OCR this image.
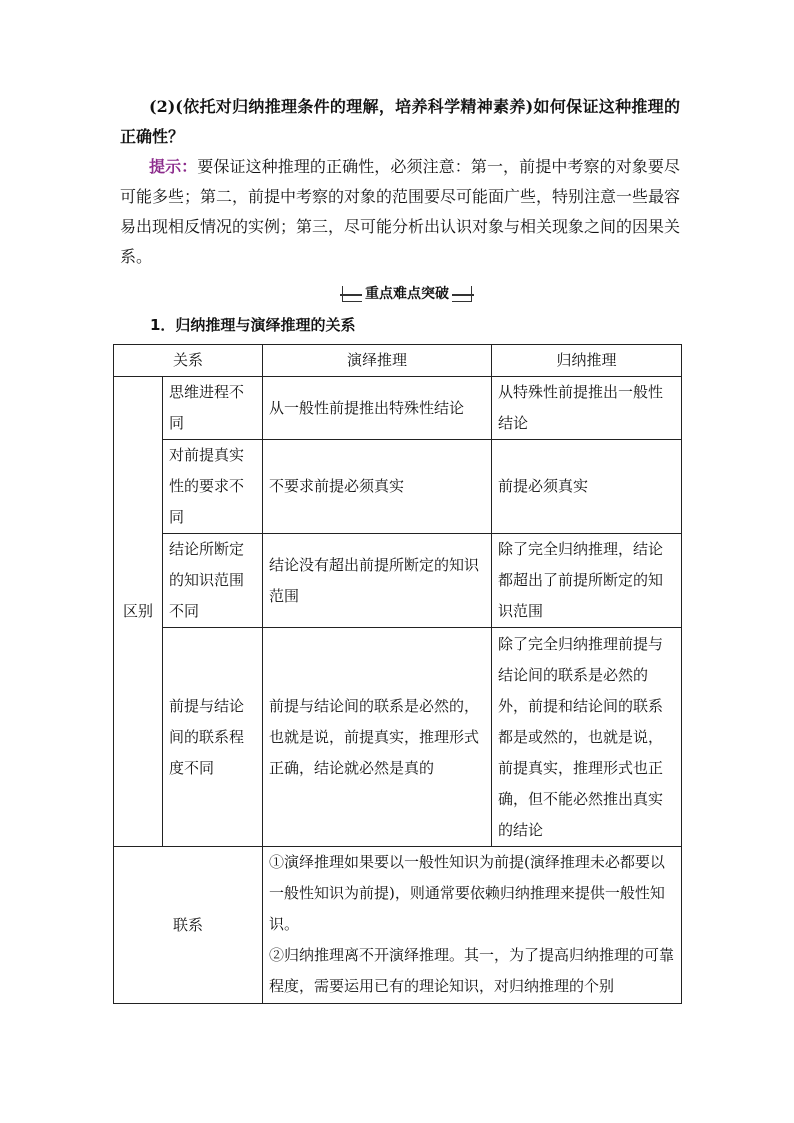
(2)(依托对归纳推理条件的理解，培养科学精神素养)如何保证这种推理的正确性？
提示：要保证这种推理的正确性，必须注意：第一，前提中考察的对象要尽可能多些；第二，前提中考察的对象的范围要尽可能面广些，特别注意一些最容易出现相反情况的实例；第三，尽可能分析出认识对象与相关现象之间的因果关系。
重点难点突破
1．归纳推理与演绎推理的关系
关系		演绎推理	归纳推理
区别	思维进程不同	从一般性前提推出特殊性结论	从特殊性前提推出一般性结论
	对前提真实性的要求不同	不要求前提必须真实	前提必须真实
	结论所断定的知识范围不同	结论没有超出前提所断定的知识范围	除了完全归纳推理，结论都超出了前提所断定的知识范围
	前提与结论间的联系程度不同	前提与结论间的联系是必然的，也就是说，前提真实，推理形式正确，结论就必然是真的	除了完全归纳推理前提与结论间的联系是必然的外，前提和结论间的联系都是或然的，也就是说，前提真实，推理形式也正确，但不能必然推出真实的结论
联系		①演绎推理如果要以一般性知识为前提(演绎推理未必都要以一般性知识为前提)，则通常要依赖归纳推理来提供一般性知识。
②归纳推理离不开演绎推理。其一，为了提高归纳推理的可靠程度，需要运用已有的理论知识，对归纳推理的个别	
